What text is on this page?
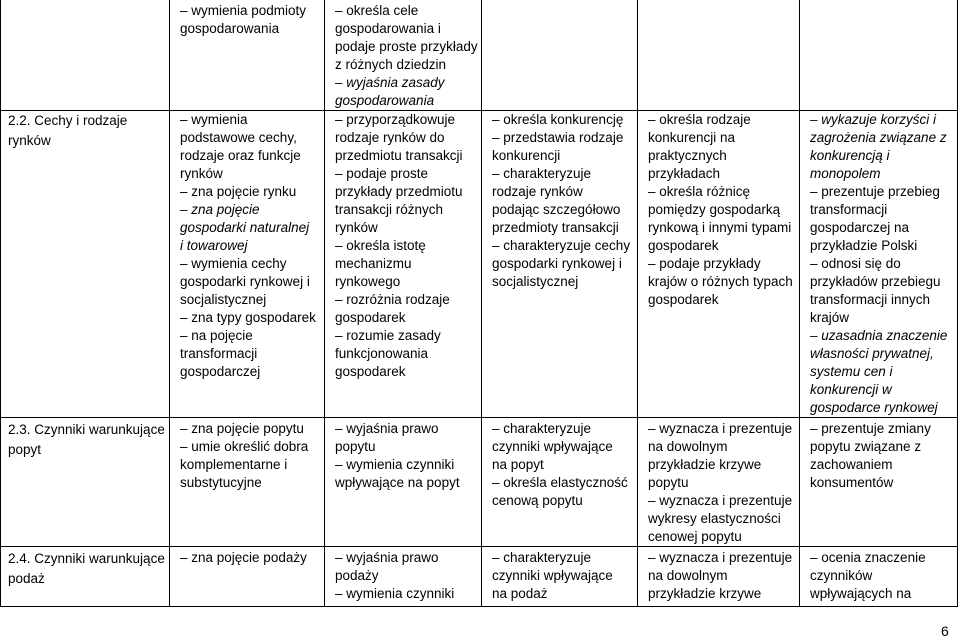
– wymienia podmioty
gospodarowania
– określa cele
gospodarowania i
podaje proste przykłady
z różnych dziedzin
– wyjaśnia zasady
gospodarowania
2.2. Cechy i rodzaje
rynków
– wymienia
podstawowe cechy,
rodzaje oraz funkcje
rynków
– zna pojęcie rynku
– zna pojęcie
gospodarki naturalnej
i towarowej
– wymienia cechy
gospodarki rynkowej i
socjalistycznej
– zna typy gospodarek
– na pojęcie
transformacji
gospodarczej
– przyporządkowuje
rodzaje rynków do
przedmiotu transakcji
– podaje proste
przykłady przedmiotu
transakcji różnych
rynków
– określa istotę
mechanizmu
rynkowego
– rozróżnia rodzaje
gospodarek
– rozumie zasady
funkcjonowania
gospodarek
– określa konkurencję
– przedstawia rodzaje
konkurencji
– charakteryzuje
rodzaje rynków
podając szczegółowo
przedmioty transakcji
– charakteryzuje cechy
gospodarki rynkowej i
socjalistycznej
– określa rodzaje
konkurencji na
praktycznych
przykładach
– określa różnicę
pomiędzy gospodarką
rynkową i innymi typami
gospodarek
– podaje przykłady
krajów o różnych typach
gospodarek
– wykazuje korzyści i
zagrożenia związane z
konkurencją i
monopolem
– prezentuje przebieg
transformacji
gospodarczej na
przykładzie Polski
– odnosi się do
przykładów przebiegu
transformacji innych
krajów
– uzasadnia znaczenie
własności prywatnej,
systemu cen i
konkurencji w
gospodarce rynkowej
2.3. Czynniki warunkujące
popyt
– zna pojęcie popytu
– umie określić dobra
komplementarne i
substytucyjne
– wyjaśnia prawo
popytu
– wymienia czynniki
wpływające na popyt
– charakteryzuje
czynniki wpływające
na popyt
– określa elastyczność
cenową popytu
– wyznacza i prezentuje
na dowolnym
przykładzie krzywe
popytu
– wyznacza i prezentuje
wykresy elastyczności
cenowej popytu
– prezentuje zmiany
popytu związane z
zachowaniem
konsumentów
2.4. Czynniki warunkujące
podaż
– zna pojęcie podaży	– wyjaśnia prawo
podaży
– wymienia czynniki
– charakteryzuje
czynniki wpływające
na podaż
– wyznacza i prezentuje
na dowolnym
przykładzie krzywe
– ocenia znaczenie
czynników
wpływających na
6
